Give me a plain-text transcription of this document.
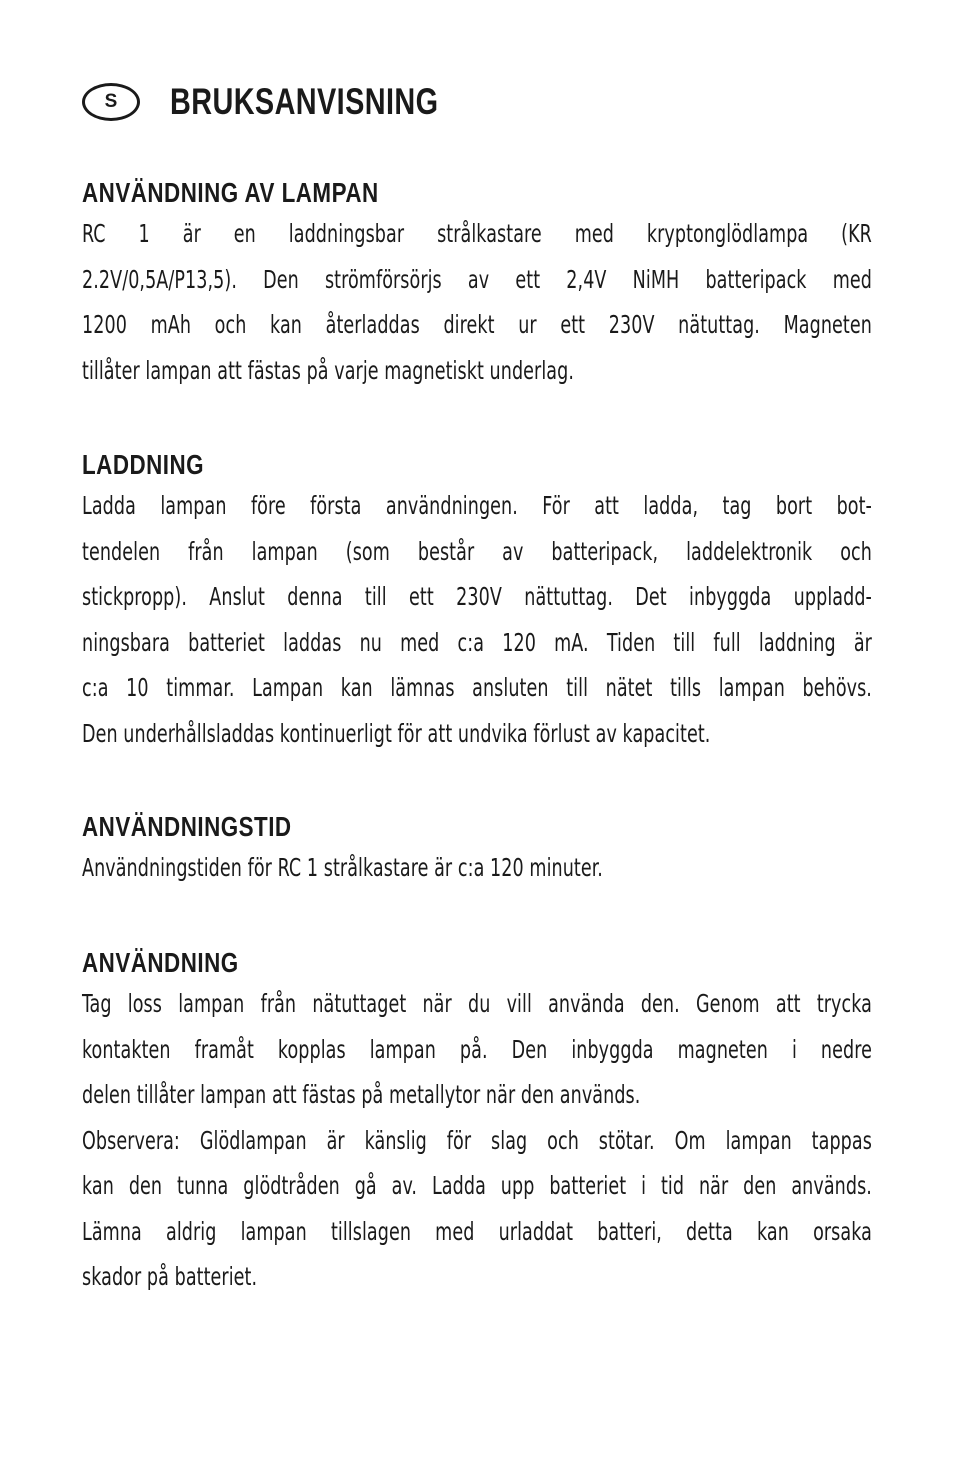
S	BRUKSANVISNING
ANVÄNDNING AV LAMPAN

RC 1 är en laddningsbar strålkastare med kryptonglödlampa (KR
2.2V/0,5A/P13,5). Den strömförsörjs av ett 2,4V NiMH batteripack med
1200 mAh och kan återladdas direkt ur ett 230V nätuttag. Magneten
tillåter lampan att fästas på varje magnetiskt underlag.

LADDNING

Ladda lampan före första användningen. För att ladda, tag bort bot-
tendelen från lampan (som består av batteripack, laddelektronik och
stickpropp). Anslut denna till ett 230V nättuttag. Det inbyggda uppladd-
ningsbara batteriet laddas nu med c:a 120 mA. Tiden till full laddning är
c:a 10 timmar. Lampan kan lämnas ansluten till nätet tills lampan behövs.
Den underhållsladdas kontinuerligt för att undvika förlust av kapacitet.

ANVÄNDNINGSTID

Användningstiden för RC 1 strålkastare är c:a 120 minuter.

ANVÄNDNING

Tag loss lampan från nätuttaget när du vill använda den. Genom att trycka
kontakten framåt kopplas lampan på. Den inbyggda magneten i nedre
delen tillåter lampan att fästas på metallytor när den används.
Observera: Glödlampan är känslig för slag och stötar. Om lampan tappas
kan den tunna glödtråden gå av. Ladda upp batteriet i tid när den används.
Lämna aldrig lampan tillslagen med urladdat batteri, detta kan orsaka
skador på batteriet.
